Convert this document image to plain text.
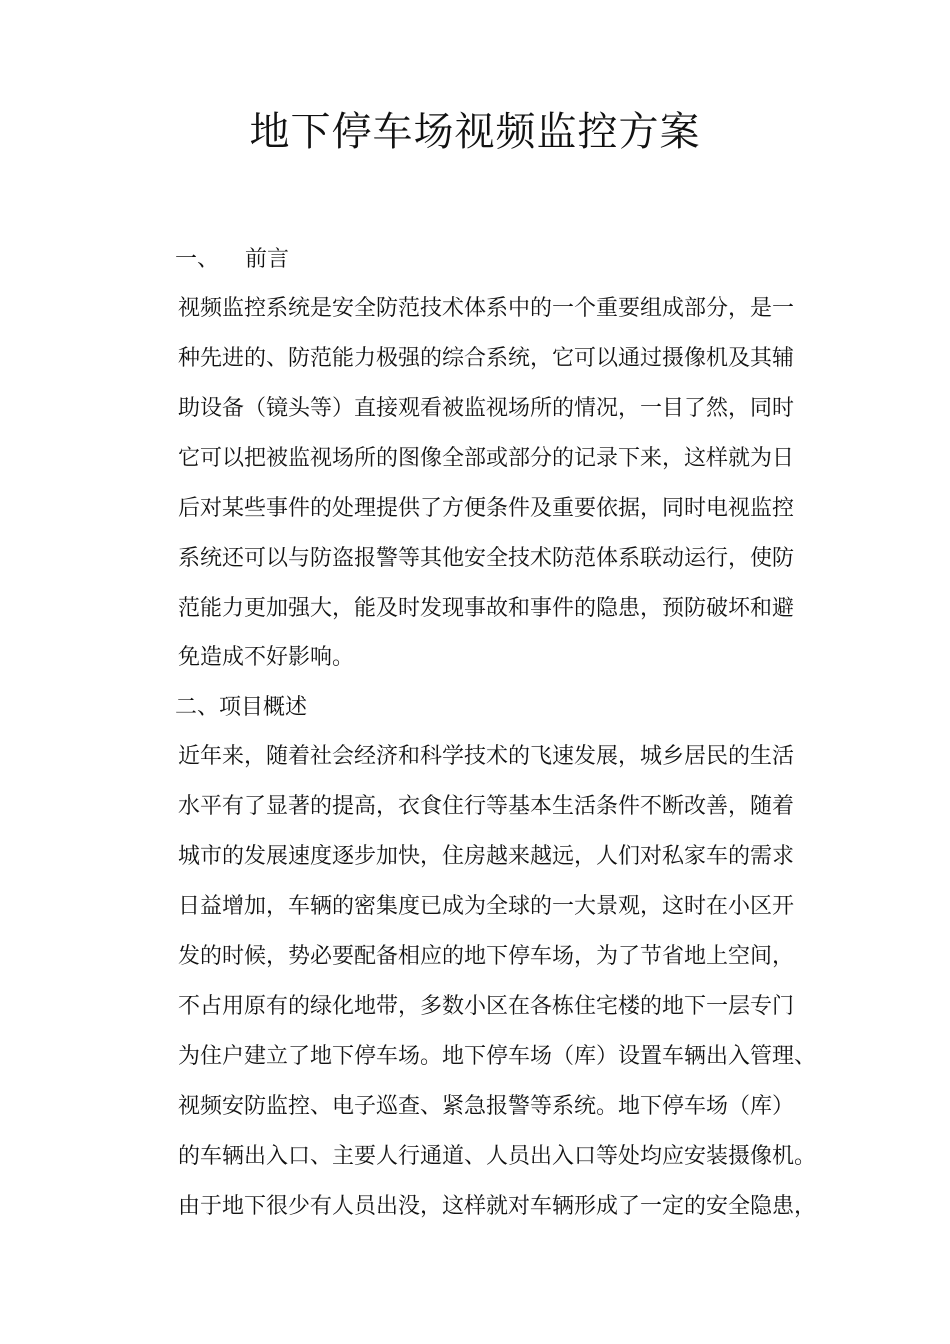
地下停车场视频监控方案
一、 前言

视频监控系统是安全防范技术体系中的一个重要组成部分，是一

种先进的、防范能力极强的综合系统，它可以通过摄像机及其辅

助设备（镜头等）直接观看被监视场所的情况，一目了然，同时

它可以把被监视场所的图像全部或部分的记录下来，这样就为日

后对某些事件的处理提供了方便条件及重要依据，同时电视监控

系统还可以与防盗报警等其他安全技术防范体系联动运行，使防

范能力更加强大，能及时发现事故和事件的隐患，预防破坏和避

免造成不好影响。

二、项目概述

近年来，随着社会经济和科学技术的飞速发展，城乡居民的生活

水平有了显著的提高，衣食住行等基本生活条件不断改善，随着

城市的发展速度逐步加快，住房越来越远，人们对私家车的需求

日益增加，车辆的密集度已成为全球的一大景观，这时在小区开

发的时候，势必要配备相应的地下停车场，为了节省地上空间，

不占用原有的绿化地带，多数小区在各栋住宅楼的地下一层专门

为住户建立了地下停车场。地下停车场（库）设置车辆出入管理、

视频安防监控、电子巡查、紧急报警等系统。地下停车场（库）

的车辆出入口、主要人行通道、人员出入口等处均应安装摄像机。

由于地下很少有人员出没，这样就对车辆形成了一定的安全隐患，
